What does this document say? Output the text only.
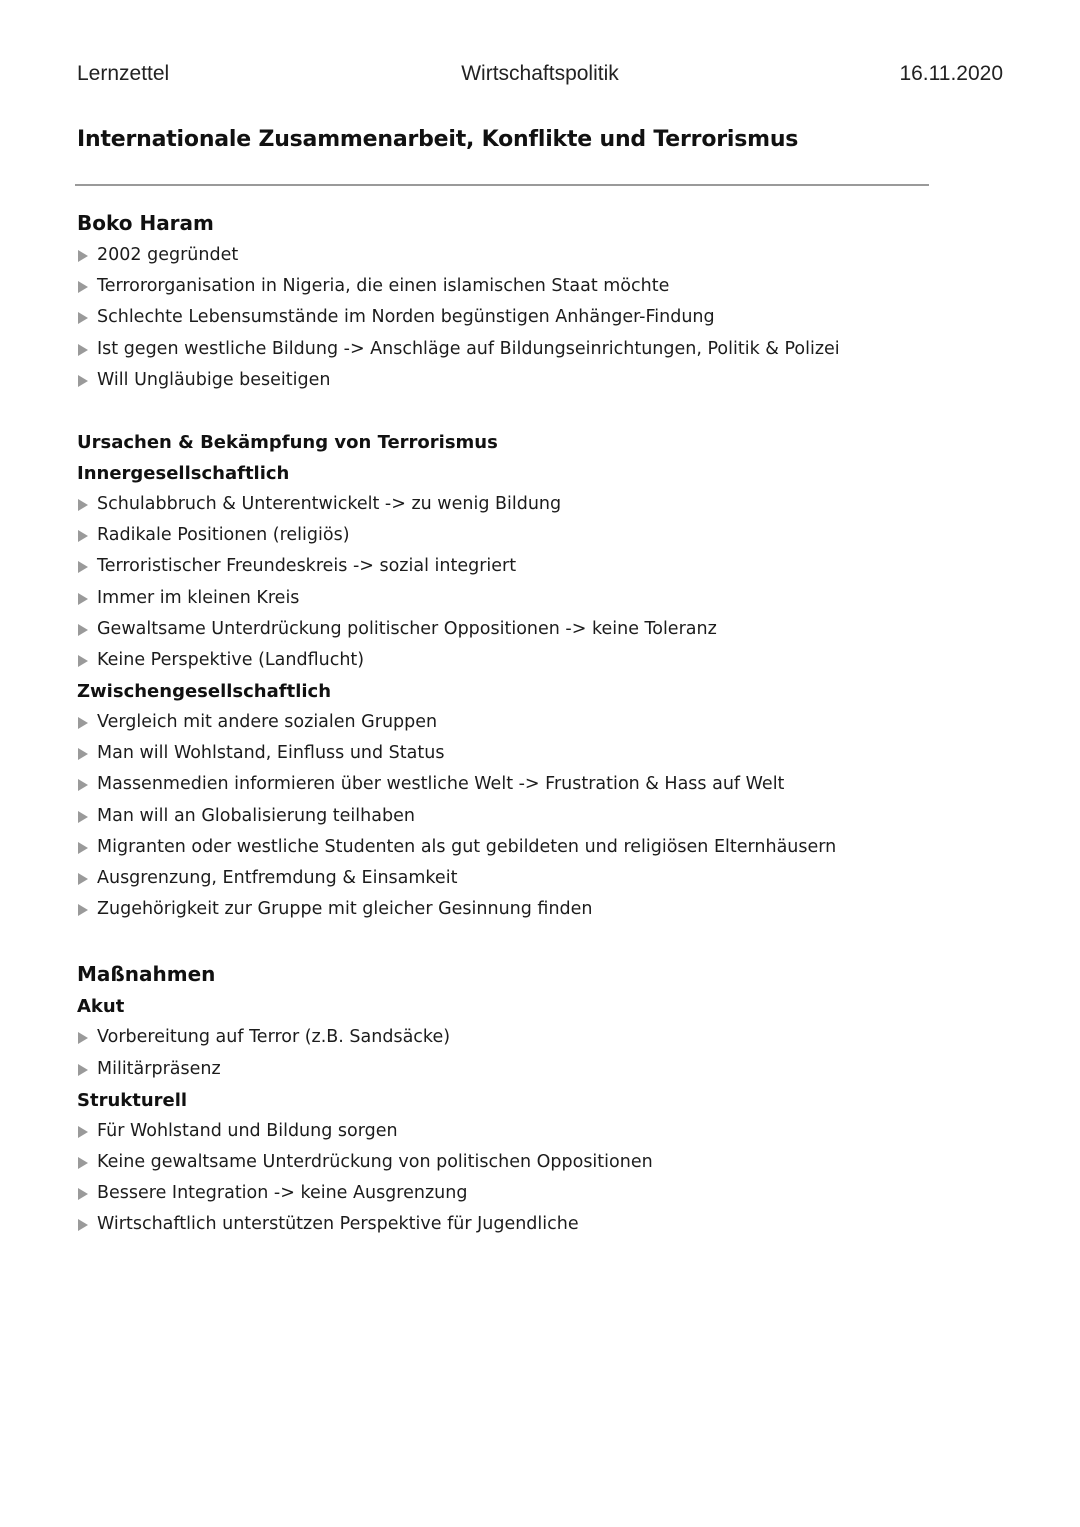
Lernzettel	Wirtschaftspolitik	16.11.2020
Internationale Zusammenarbeit, Konflikte und Terrorismus
Boko Haram
2002 gegründet
Terrororganisation in Nigeria, die einen islamischen Staat möchte
Schlechte Lebensumstände im Norden begünstigen Anhänger-Findung
Ist gegen westliche Bildung -> Anschläge auf Bildungseinrichtungen, Politik & Polizei
Will Ungläubige beseitigen
Ursachen & Bekämpfung von Terrorismus
Innergesellschaftlich
Schulabbruch & Unterentwickelt -> zu wenig Bildung
Radikale Positionen (religiös)
Terroristischer Freundeskreis -> sozial integriert
Immer im kleinen Kreis
Gewaltsame Unterdrückung politischer Oppositionen -> keine Toleranz
Keine Perspektive (Landflucht)
Zwischengesellschaftlich
Vergleich mit andere sozialen Gruppen
Man will Wohlstand, Einfluss und Status
Massenmedien informieren über westliche Welt -> Frustration & Hass auf Welt
Man will an Globalisierung teilhaben
Migranten oder westliche Studenten als gut gebildeten und religiösen Elternhäusern
Ausgrenzung, Entfremdung & Einsamkeit
Zugehörigkeit zur Gruppe mit gleicher Gesinnung finden
Maßnahmen
Akut
Vorbereitung auf Terror (z.B. Sandsäcke)
Militärpräsenz
Strukturell
Für Wohlstand und Bildung sorgen
Keine gewaltsame Unterdrückung von politischen Oppositionen
Bessere Integration -> keine Ausgrenzung
Wirtschaftlich unterstützen Perspektive für Jugendliche
